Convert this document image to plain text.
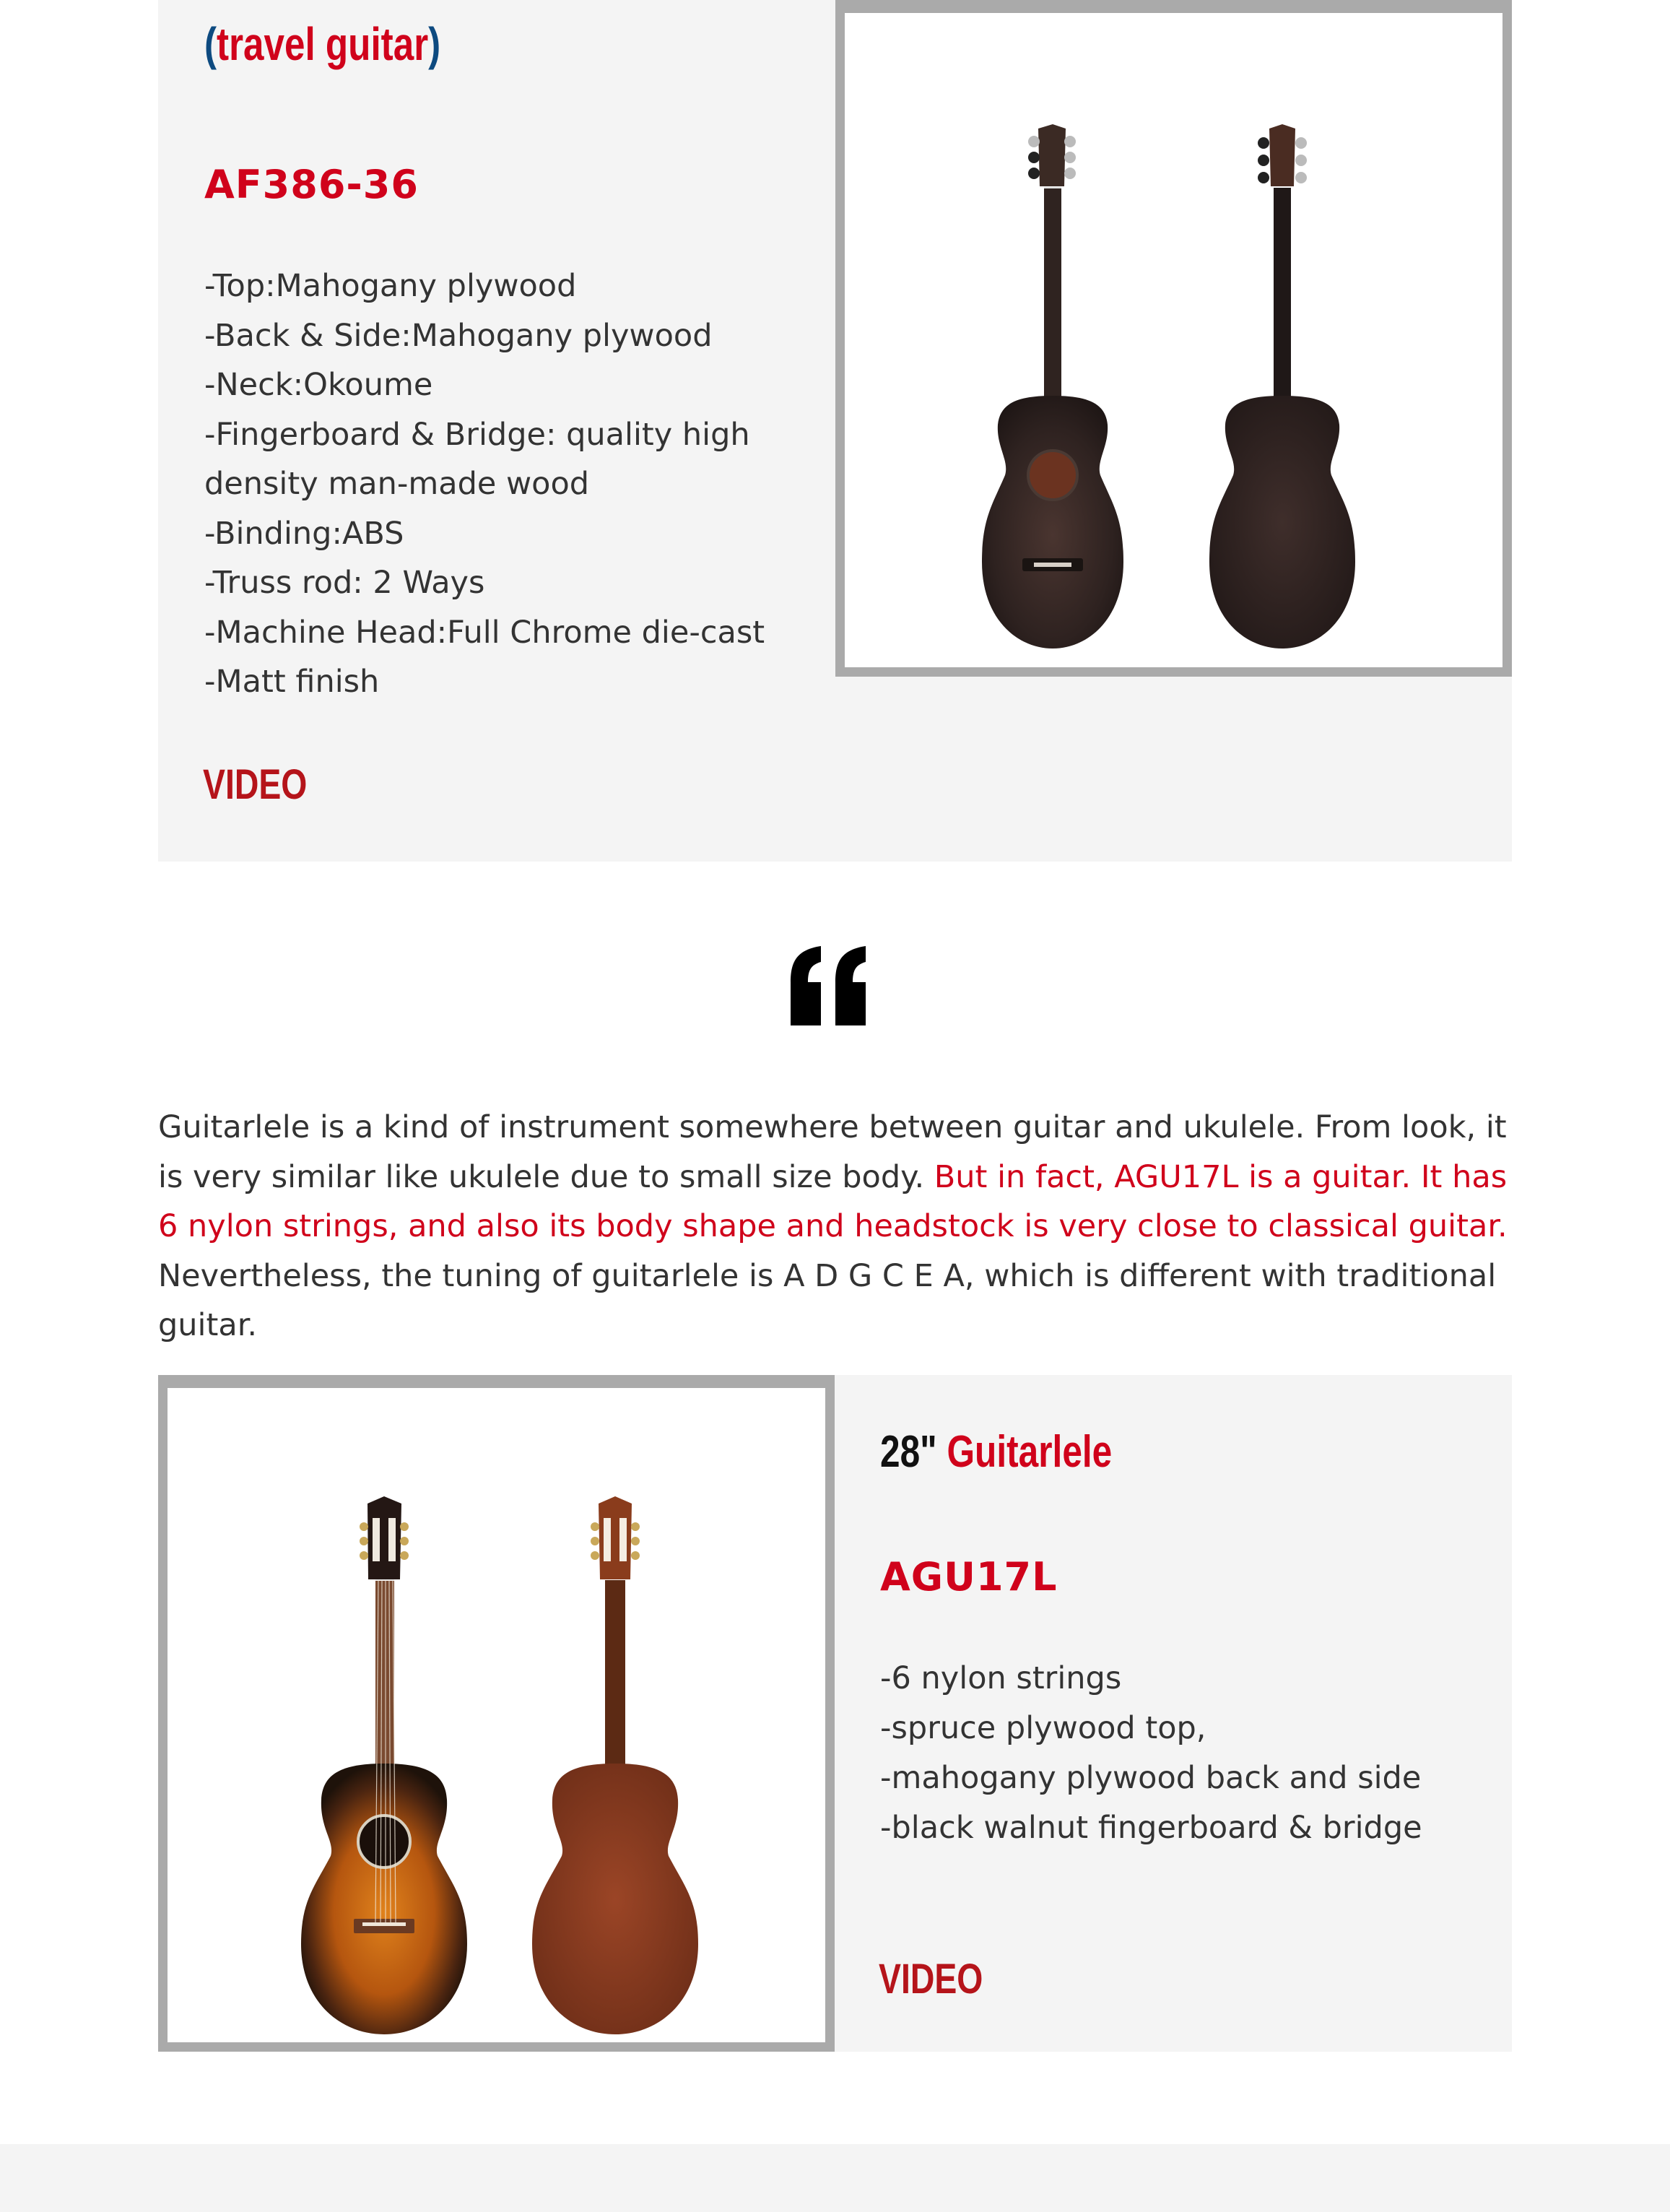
(travel guitar)
AF386-36
-Top:Mahogany plywood
-Back & Side:Mahogany plywood
-Neck:Okoume
-Fingerboard & Bridge: quality high density man-made wood
-Binding:ABS
-Truss rod: 2 Ways
-Machine Head:Full Chrome die-cast
-Matt finish
VIDEO

Guitarlele is a kind of instrument somewhere between guitar and ukulele. From look, it is very similar like ukulele due to small size body. But in fact, AGU17L is a guitar. It has 6 nylon strings, and also its body shape and headstock is very close to classical guitar. Nevertheless, the tuning of guitarlele is A D G C E A, which is different with traditional guitar.

28" Guitarlele
AGU17L
-6 nylon strings
-spruce plywood top,
-mahogany plywood back and side
-black walnut fingerboard & bridge
VIDEO
